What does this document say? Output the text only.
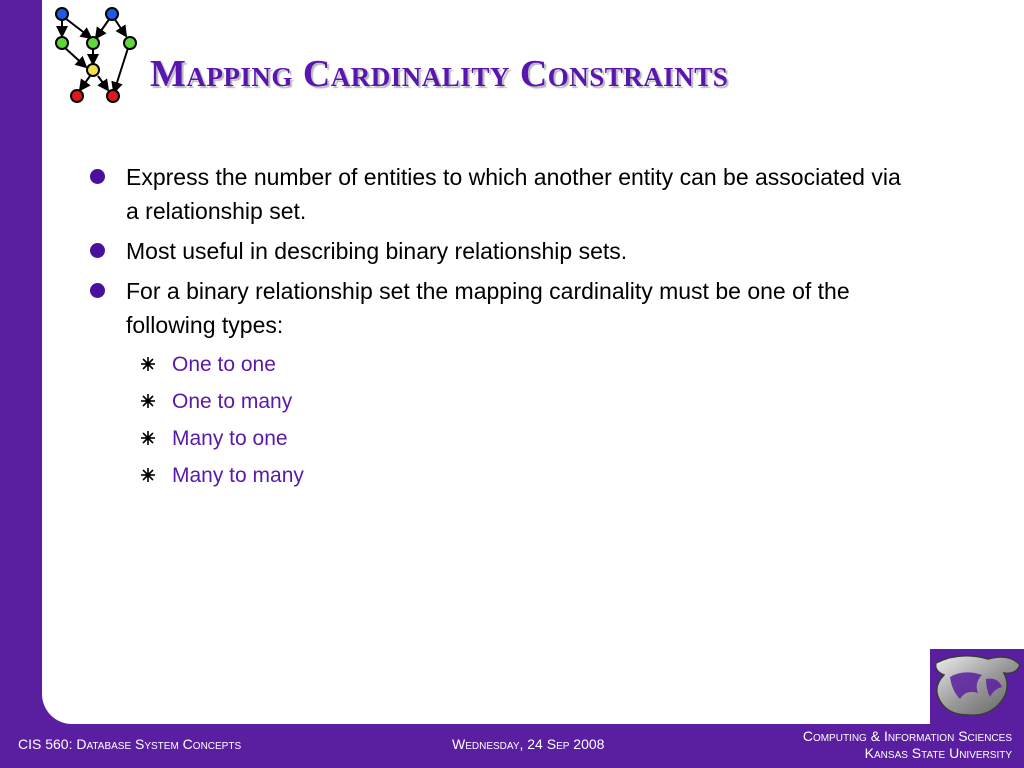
Mapping Cardinality Constraints
Express the number of entities to which another entity can be associated via a relationship set.
Most useful in describing binary relationship sets.
For a binary relationship set the mapping cardinality must be one of the following types:
One to one
One to many
Many to one
Many to many
CIS 560: Database System Concepts	Wednesday, 24 Sep 2008	Computing & Information Sciences
Kansas State University
